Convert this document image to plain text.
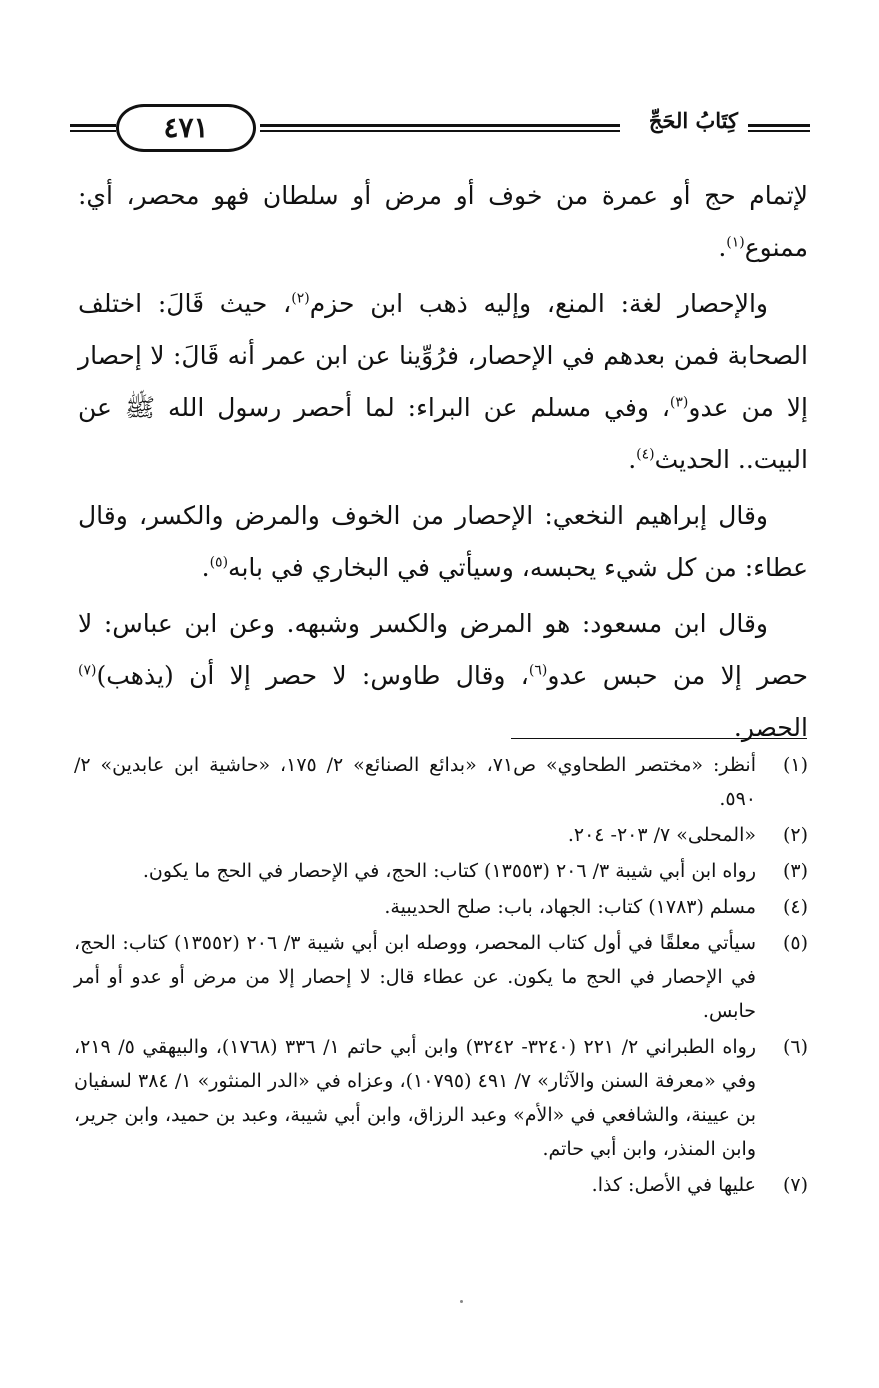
كِتَابُ الحَجِّ
٤٧١

لإتمام حج أو عمرة من خوف أو مرض أو سلطان فهو محصر، أي: ممنوع$^{(١)}$.

والإحصار لغة: المنع، وإليه ذهب ابن حزم$^{(٢)}$، حيث قَالَ: اختلف الصحابة فمن بعدهم في الإحصار، فرُوِّينا عن ابن عمر أنه قَالَ: لا إحصار إلا من عدو$^{(٣)}$، وفي مسلم عن البراء: لما أحصر رسول الله ﷺ عن البيت.. الحديث$^{(٤)}$.

وقال إبراهيم النخعي: الإحصار من الخوف والمرض والكسر، وقال عطاء: من كل شيء يحبسه، وسيأتي في البخاري في بابه$^{(٥)}$.

وقال ابن مسعود: هو المرض والكسر وشبهه. وعن ابن عباس: لا حصر إلا من حبس عدو$^{(٦)}$، وقال طاوس: لا حصر إلا أن (يذهب)$^{(٧)}$ الحصر.

(١)
أنظر: «مختصر الطحاوي» ص٧١، «بدائع الصنائع» ٢/ ١٧٥، «حاشية ابن عابدين» ٢/ ٥٩٠.
(٢)
«المحلى» ٧/ ٢٠٣- ٢٠٤.
(٣)
رواه ابن أبي شيبة ٣/ ٢٠٦ (١٣٥٥٣) كتاب: الحج، في الإحصار في الحج ما يكون.
(٤)
مسلم (١٧٨٣) كتاب: الجهاد، باب: صلح الحديبية.
(٥)
سيأتي معلقًا في أول كتاب المحصر، ووصله ابن أبي شيبة ٣/ ٢٠٦ (١٣٥٥٢) كتاب: الحج، في الإحصار في الحج ما يكون. عن عطاء قال: لا إحصار إلا من مرض أو عدو أو أمر حابس.
(٦)
رواه الطبراني ٢/ ٢٢١ (٣٢٤٠- ٣٢٤٢) وابن أبي حاتم ١/ ٣٣٦ (١٧٦٨)، والبيهقي ٥/ ٢١٩، وفي «معرفة السنن والآثار» ٧/ ٤٩١ (١٠٧٩٥)، وعزاه في «الدر المنثور» ١/ ٣٨٤ لسفيان بن عيينة، والشافعي في «الأم» وعبد الرزاق، وابن أبي شيبة، وعبد بن حميد، وابن جرير، وابن المنذر، وابن أبي حاتم.
(٧)
عليها في الأصل: كذا.
